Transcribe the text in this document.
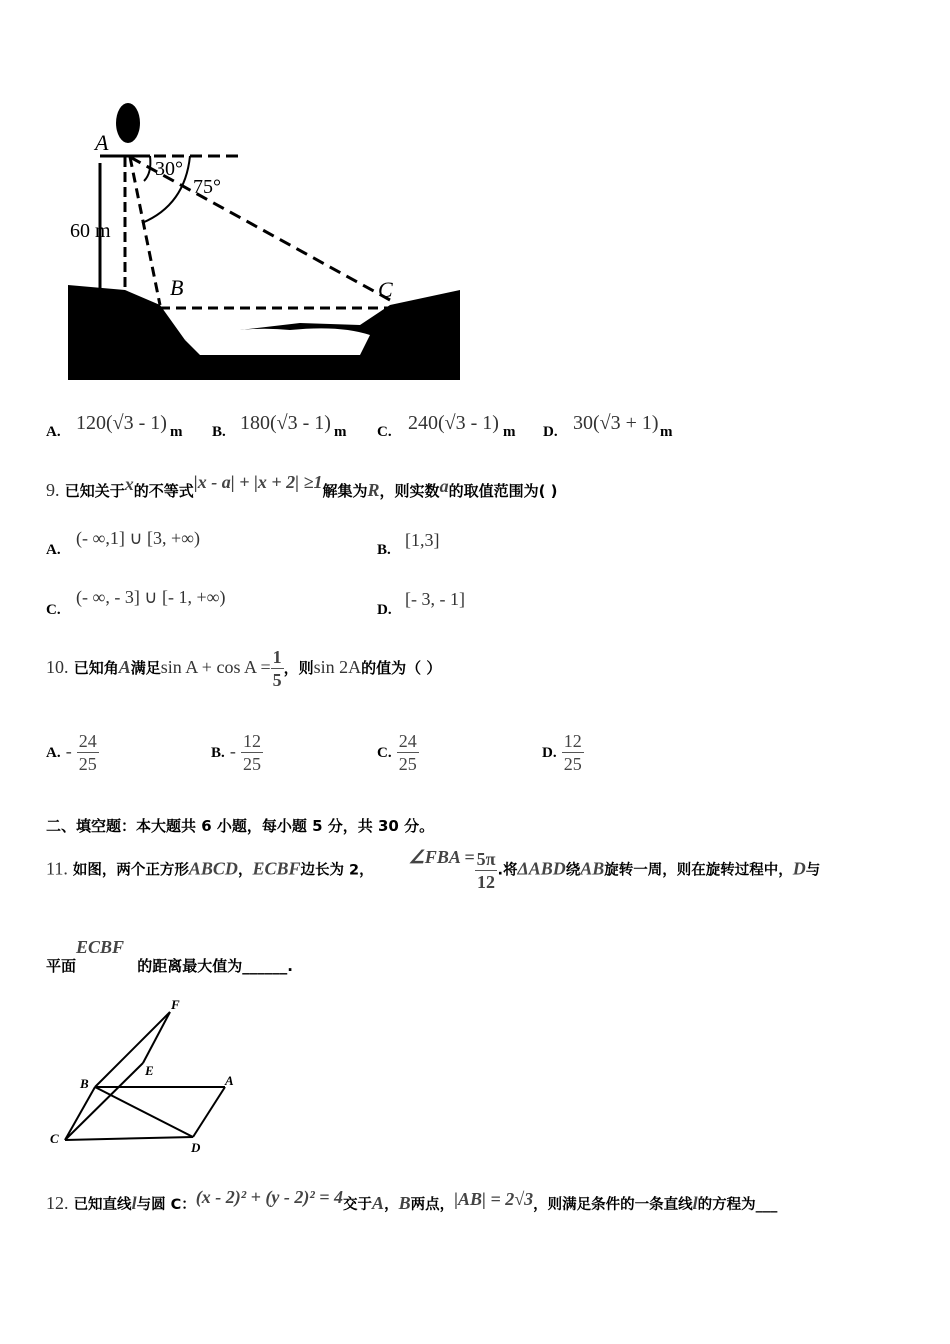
A
30°
75°
60 m
B	C
A. 120(√3 - 1) m B. 180(√3 - 1) m C. 240(√3 - 1) m D. 30(√3 + 1) m
9. 已知关于x的不等式|x - a| + |x + 2| ≥1解集为R，则实数a的取值范围为( )
A.
(- ∞,1] ∪ [3, +∞)
B. [1,3]
C.
(- ∞, - 3] ∪ [- 1, +∞)
D.
[- 3, - 1]
10. 已知角A满足$\sin A + \cos A = \frac{1}{5}$ ，则sin 2A的值为（ ）
A. - $\frac{24}{25}$	B. - $\frac{12}{25}$	C. $\frac{24}{25}$	D. $\frac{12}{25}$
二、填空题：本大题共 6 小题，每小题 5 分，共 30 分。
11. 如图，两个正方形ABCD，ECBF边长为 2， ∠FBA = $\frac{5\pi}{12}$ .将ΔABD绕AB旋转一周，则在旋转过程中，D与
平面ECBF 的距离最大值为______.
F
E
B	A
C
D
12. 已知直线l与圆 C：(x - 2)² + (y - 2)² = 4交于A，B两点，|AB| = 2√3，则满足条件的一条直线l的方程为___
